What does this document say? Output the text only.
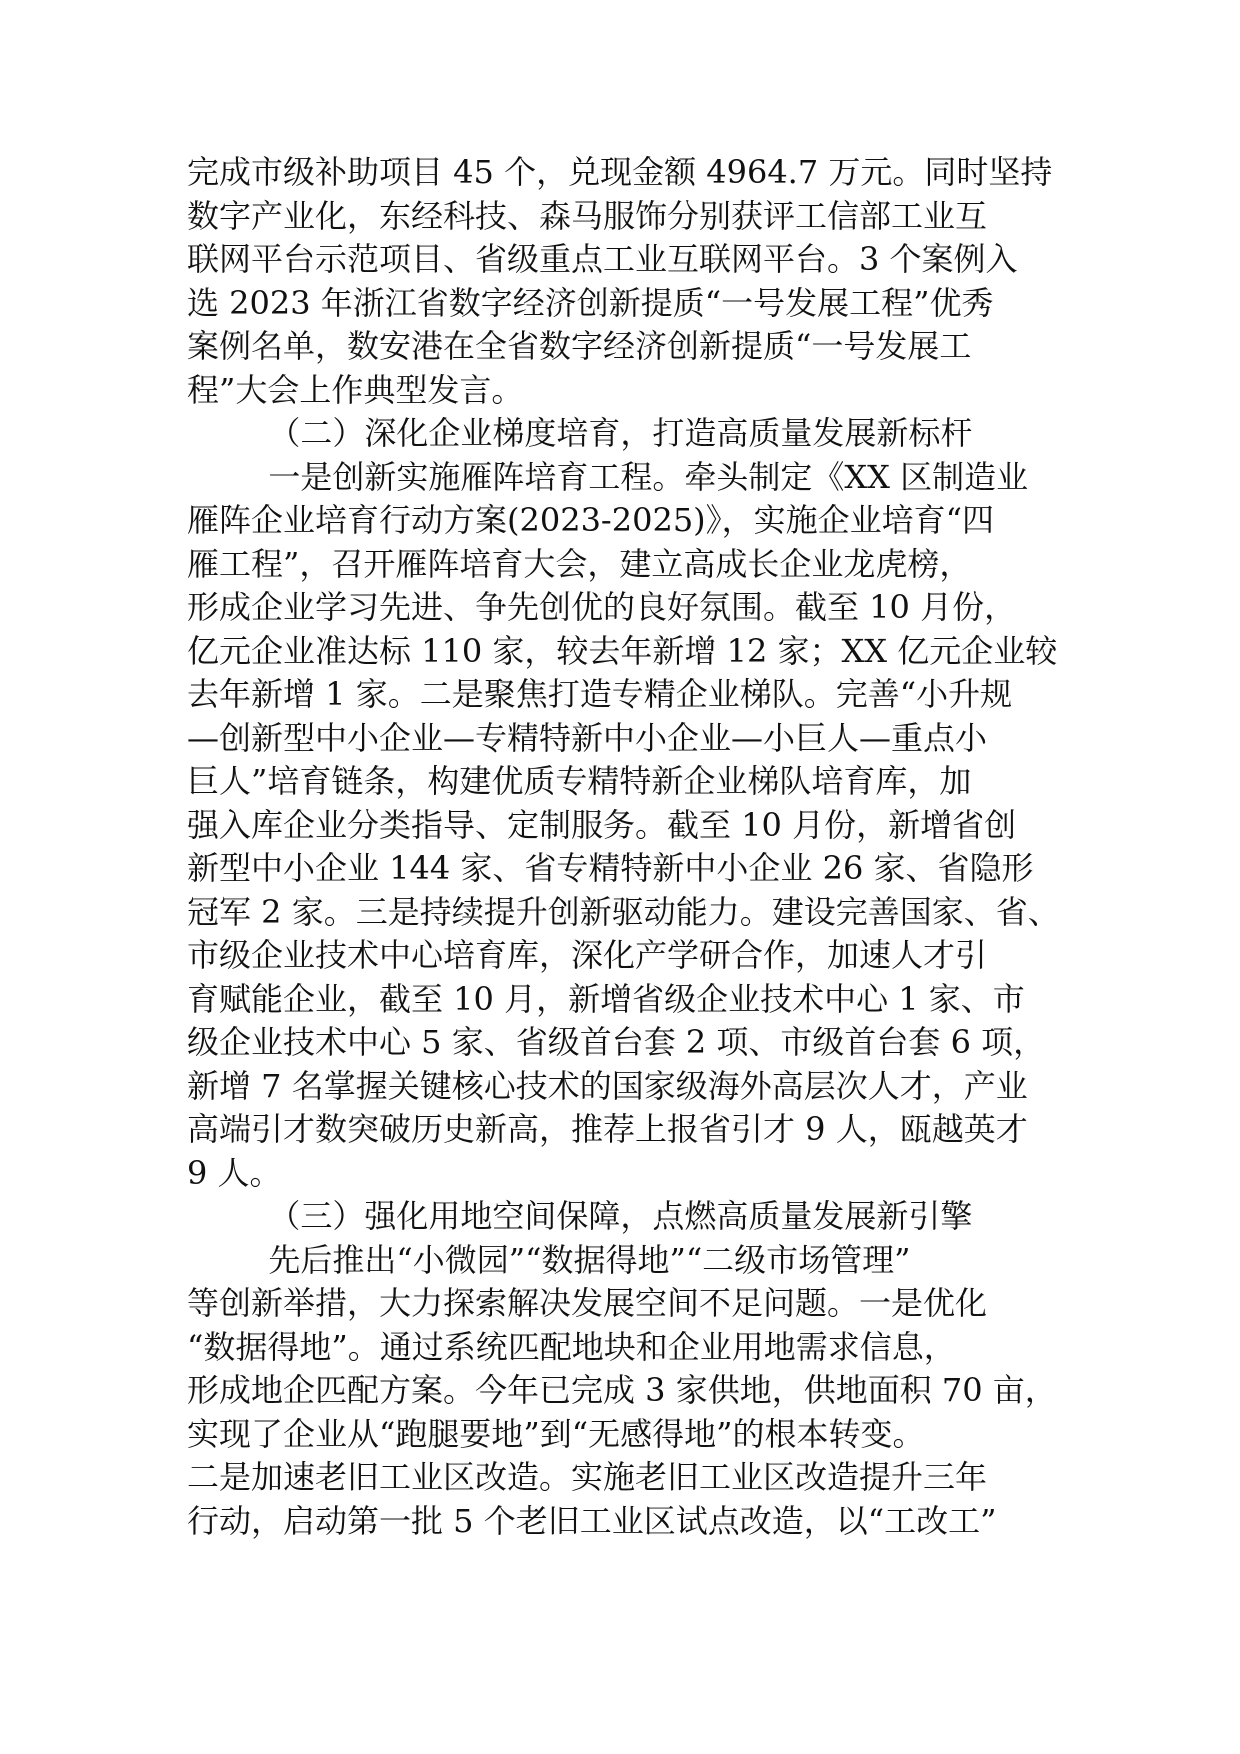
完成市级补助项目 45 个，兑现金额 4964.7 万元。同时坚持
数字产业化，东经科技、森马服饰分别获评工信部工业互
联网平台示范项目、省级重点工业互联网平台。3 个案例入
选 2023 年浙江省数字经济创新提质“一号发展工程”优秀
案例名单，数安港在全省数字经济创新提质“一号发展工
程”大会上作典型发言。
（二）深化企业梯度培育，打造高质量发展新标杆
一是创新实施雁阵培育工程。牵头制定《XX 区制造业
雁阵企业培育行动方案(2023-2025)》，实施企业培育“四
雁工程”，召开雁阵培育大会，建立高成长企业龙虎榜，
形成企业学习先进、争先创优的良好氛围。截至 10 月份，
亿元企业准达标 110 家，较去年新增 12 家；XX 亿元企业较
去年新增 1 家。二是聚焦打造专精企业梯队。完善“小升规
—创新型中小企业—专精特新中小企业—小巨人—重点小
巨人”培育链条，构建优质专精特新企业梯队培育库，加
强入库企业分类指导、定制服务。截至 10 月份，新增省创
新型中小企业 144 家、省专精特新中小企业 26 家、省隐形
冠军 2 家。三是持续提升创新驱动能力。建设完善国家、省、
市级企业技术中心培育库，深化产学研合作，加速人才引
育赋能企业，截至 10 月，新增省级企业技术中心 1 家、市
级企业技术中心 5 家、省级首台套 2 项、市级首台套 6 项，
新增 7 名掌握关键核心技术的国家级海外高层次人才，产业
高端引才数突破历史新高，推荐上报省引才 9 人，瓯越英才
9 人。
（三）强化用地空间保障，点燃高质量发展新引擎
先后推出“小微园”“数据得地”“二级市场管理”
等创新举措，大力探索解决发展空间不足问题。一是优化
“数据得地”。通过系统匹配地块和企业用地需求信息，
形成地企匹配方案。今年已完成 3 家供地，供地面积 70 亩，
实现了企业从“跑腿要地”到“无感得地”的根本转变。
二是加速老旧工业区改造。实施老旧工业区改造提升三年
行动，启动第一批 5 个老旧工业区试点改造，以“工改工”
